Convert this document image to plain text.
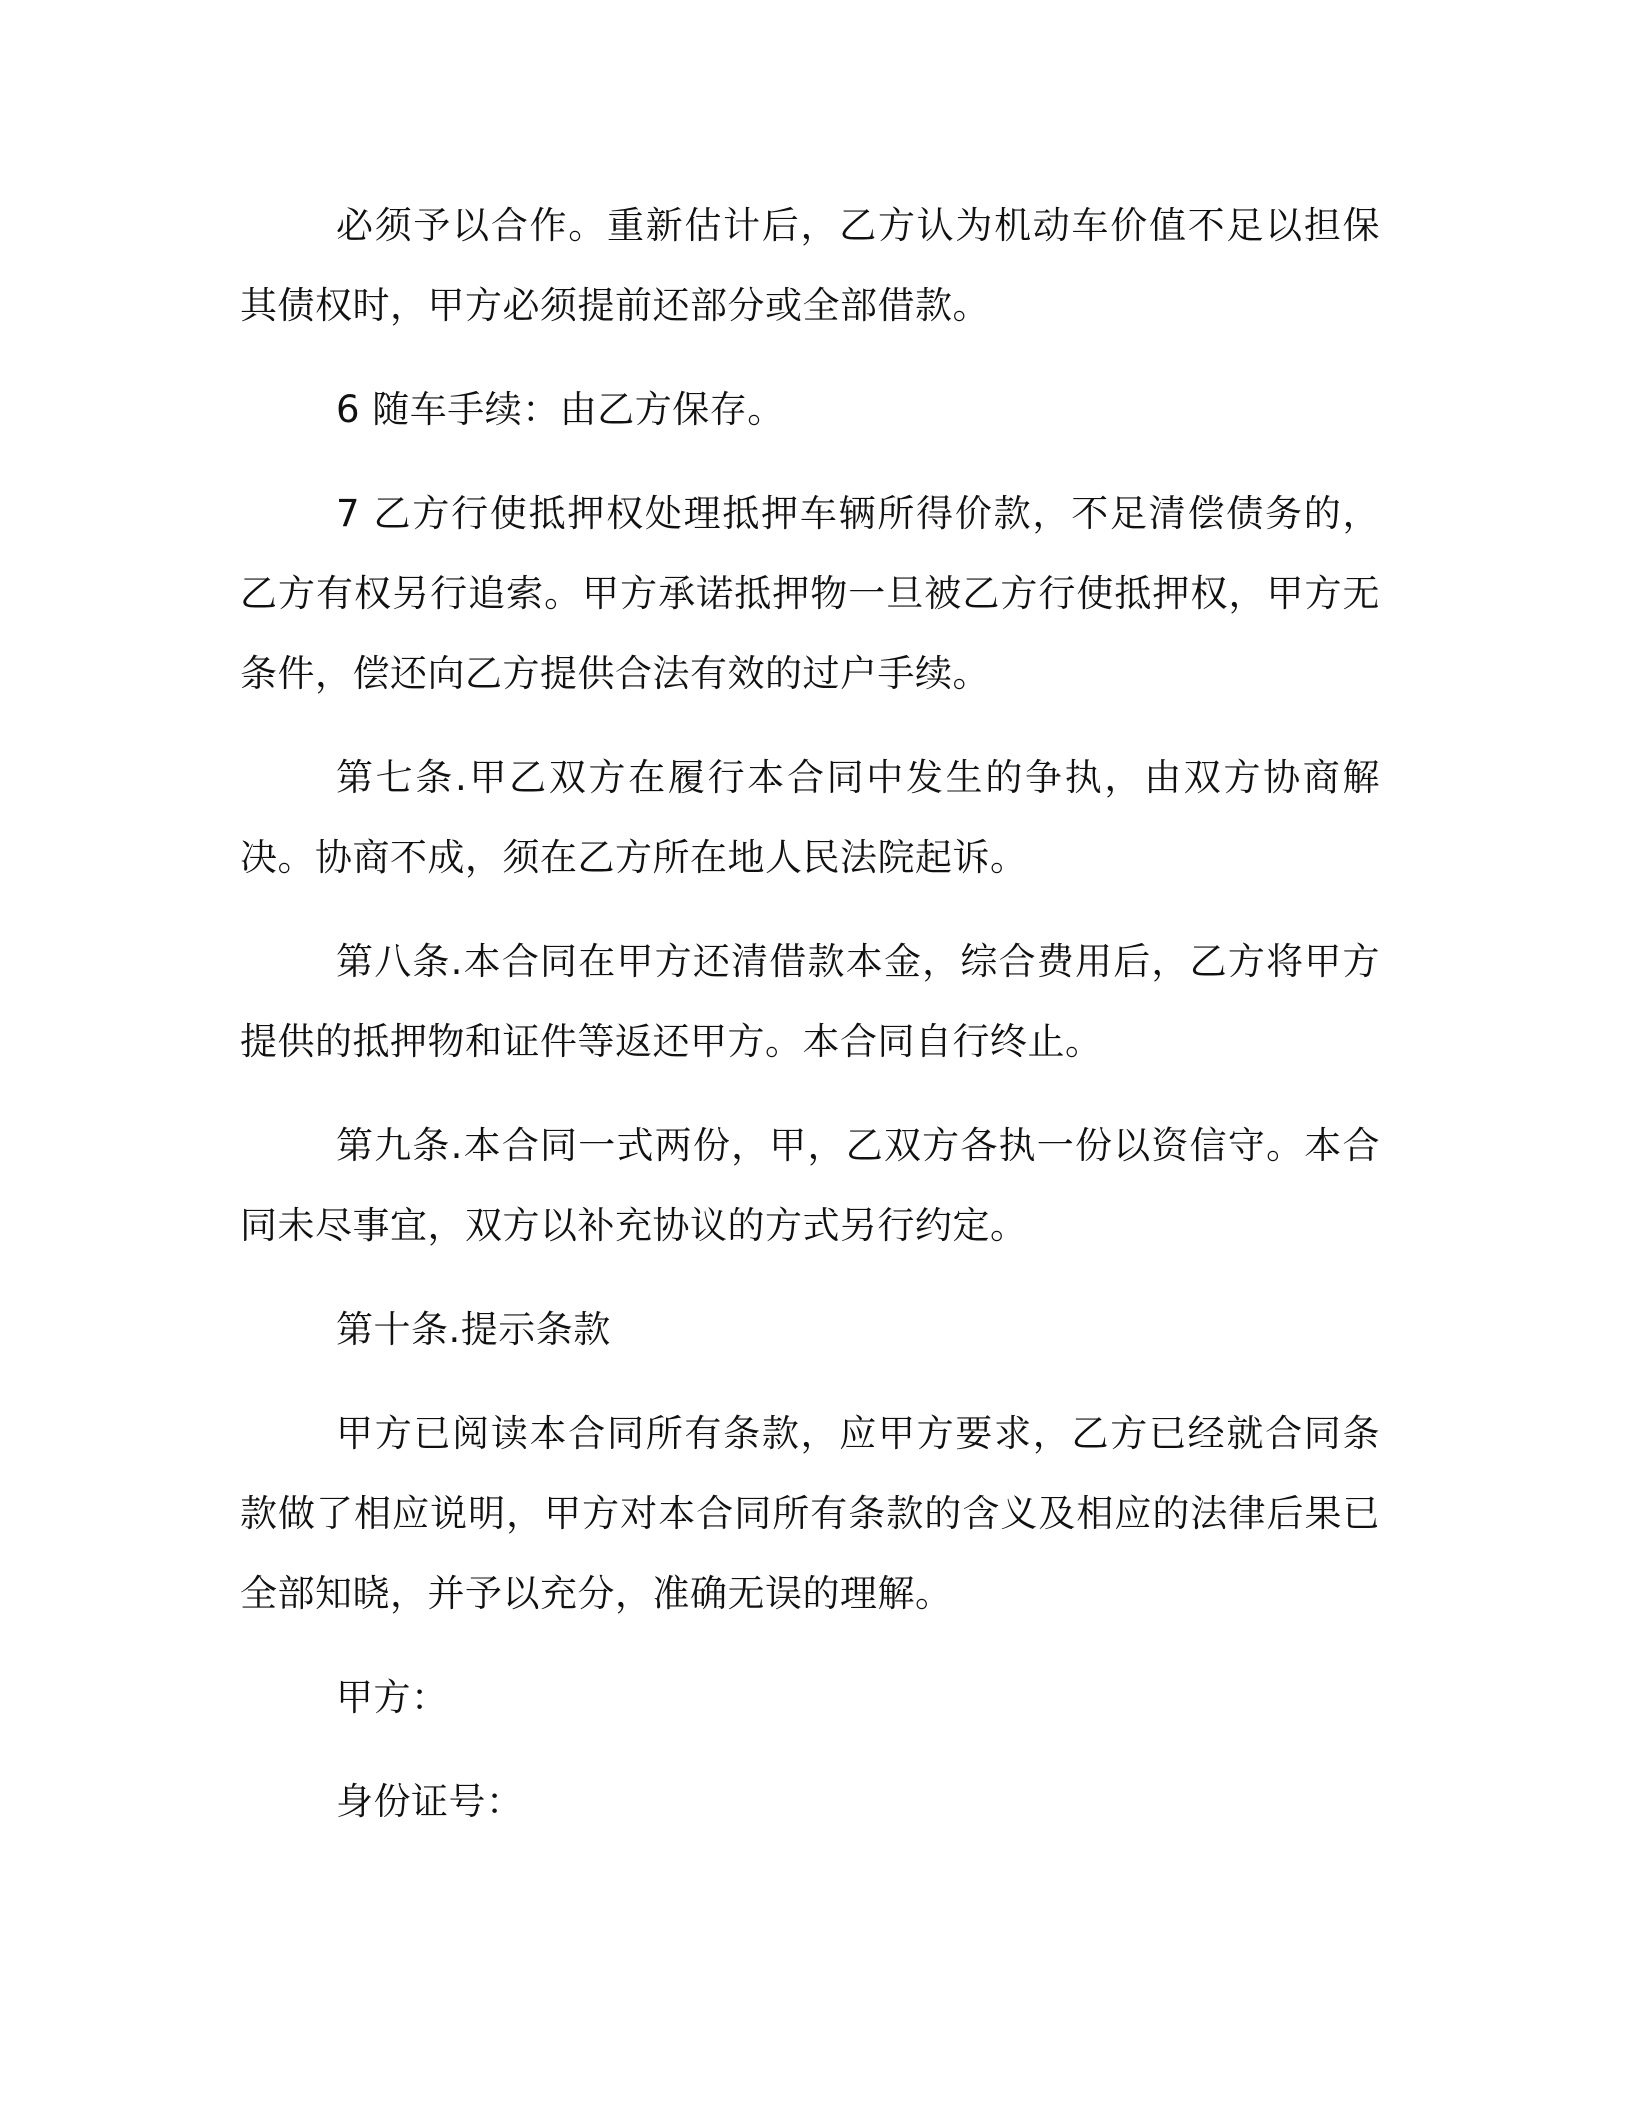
必须予以合作。重新估计后，乙方认为机动车价值不足以担保其债权时，甲方必须提前还部分或全部借款。

6 随车手续：由乙方保存。

7 乙方行使抵押权处理抵押车辆所得价款，不足清偿债务的，乙方有权另行追索。甲方承诺抵押物一旦被乙方行使抵押权，甲方无条件，偿还向乙方提供合法有效的过户手续。

第七条.甲乙双方在履行本合同中发生的争执，由双方协商解决。协商不成，须在乙方所在地人民法院起诉。

第八条.本合同在甲方还清借款本金，综合费用后，乙方将甲方提供的抵押物和证件等返还甲方。本合同自行终止。

第九条.本合同一式两份，甲，乙双方各执一份以资信守。本合同未尽事宜，双方以补充协议的方式另行约定。

第十条.提示条款

甲方已阅读本合同所有条款，应甲方要求，乙方已经就合同条款做了相应说明，甲方对本合同所有条款的含义及相应的法律后果已全部知晓，并予以充分，准确无误的理解。

甲方：

身份证号：
